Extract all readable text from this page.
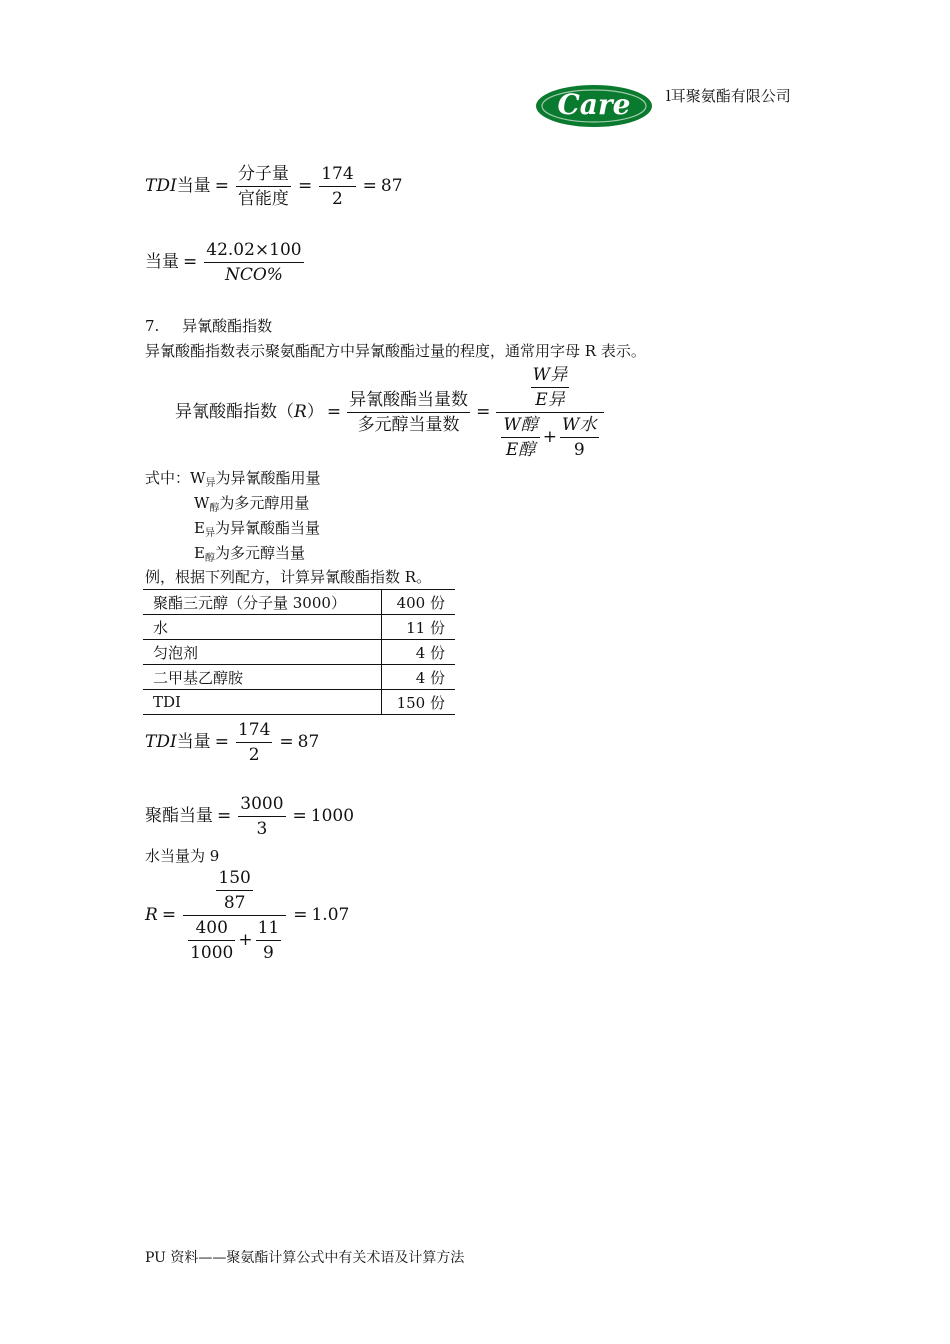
Care	l耳聚氨酯有限公司
TDI 当量 = $\frac{\text{分子量}}{\text{官能度}} = \frac{174}{2} = 87$
当量 = $\frac{42.02\times 100}{\text{NCO\%}}$
7. 异氰酸酯指数
异氰酸酯指数表示聚氨酯配方中异氰酸酯过量的程度，通常用字母 R 表示。
异氰酸酯指数（ R ） = $\frac{\text{异氰酸酯当量数}}{\text{多元醇当量数}}$ =
$\frac{\text{W异}}{\text{E异}}$
$\frac{\text{W醇}}{\text{E醇}} + \frac{\text{W水}}{9}$
式中：$W_异$为异氰酸酯用量
$W_醇$为多元醇用量
$E_异$为异氰酸酯当量
$E_醇$为多元醇当量
例，根据下列配方，计算异氰酸酯指数 R。
聚酯三元醇（分子量 3000）	400 份
水	11 份
匀泡剂	4 份
二甲基乙醇胺	4 份
TDI	150 份
TDI 当量 = $\frac{174}{2} = 87$
聚酯当量 = $\frac{3000}{3} = 1000$
水当量为 9
R =
$\frac{150}{87}$
$\frac{400}{1000} + \frac{11}{9}$
= 1.07
PU 资料——聚氨酯计算公式中有关术语及计算方法
